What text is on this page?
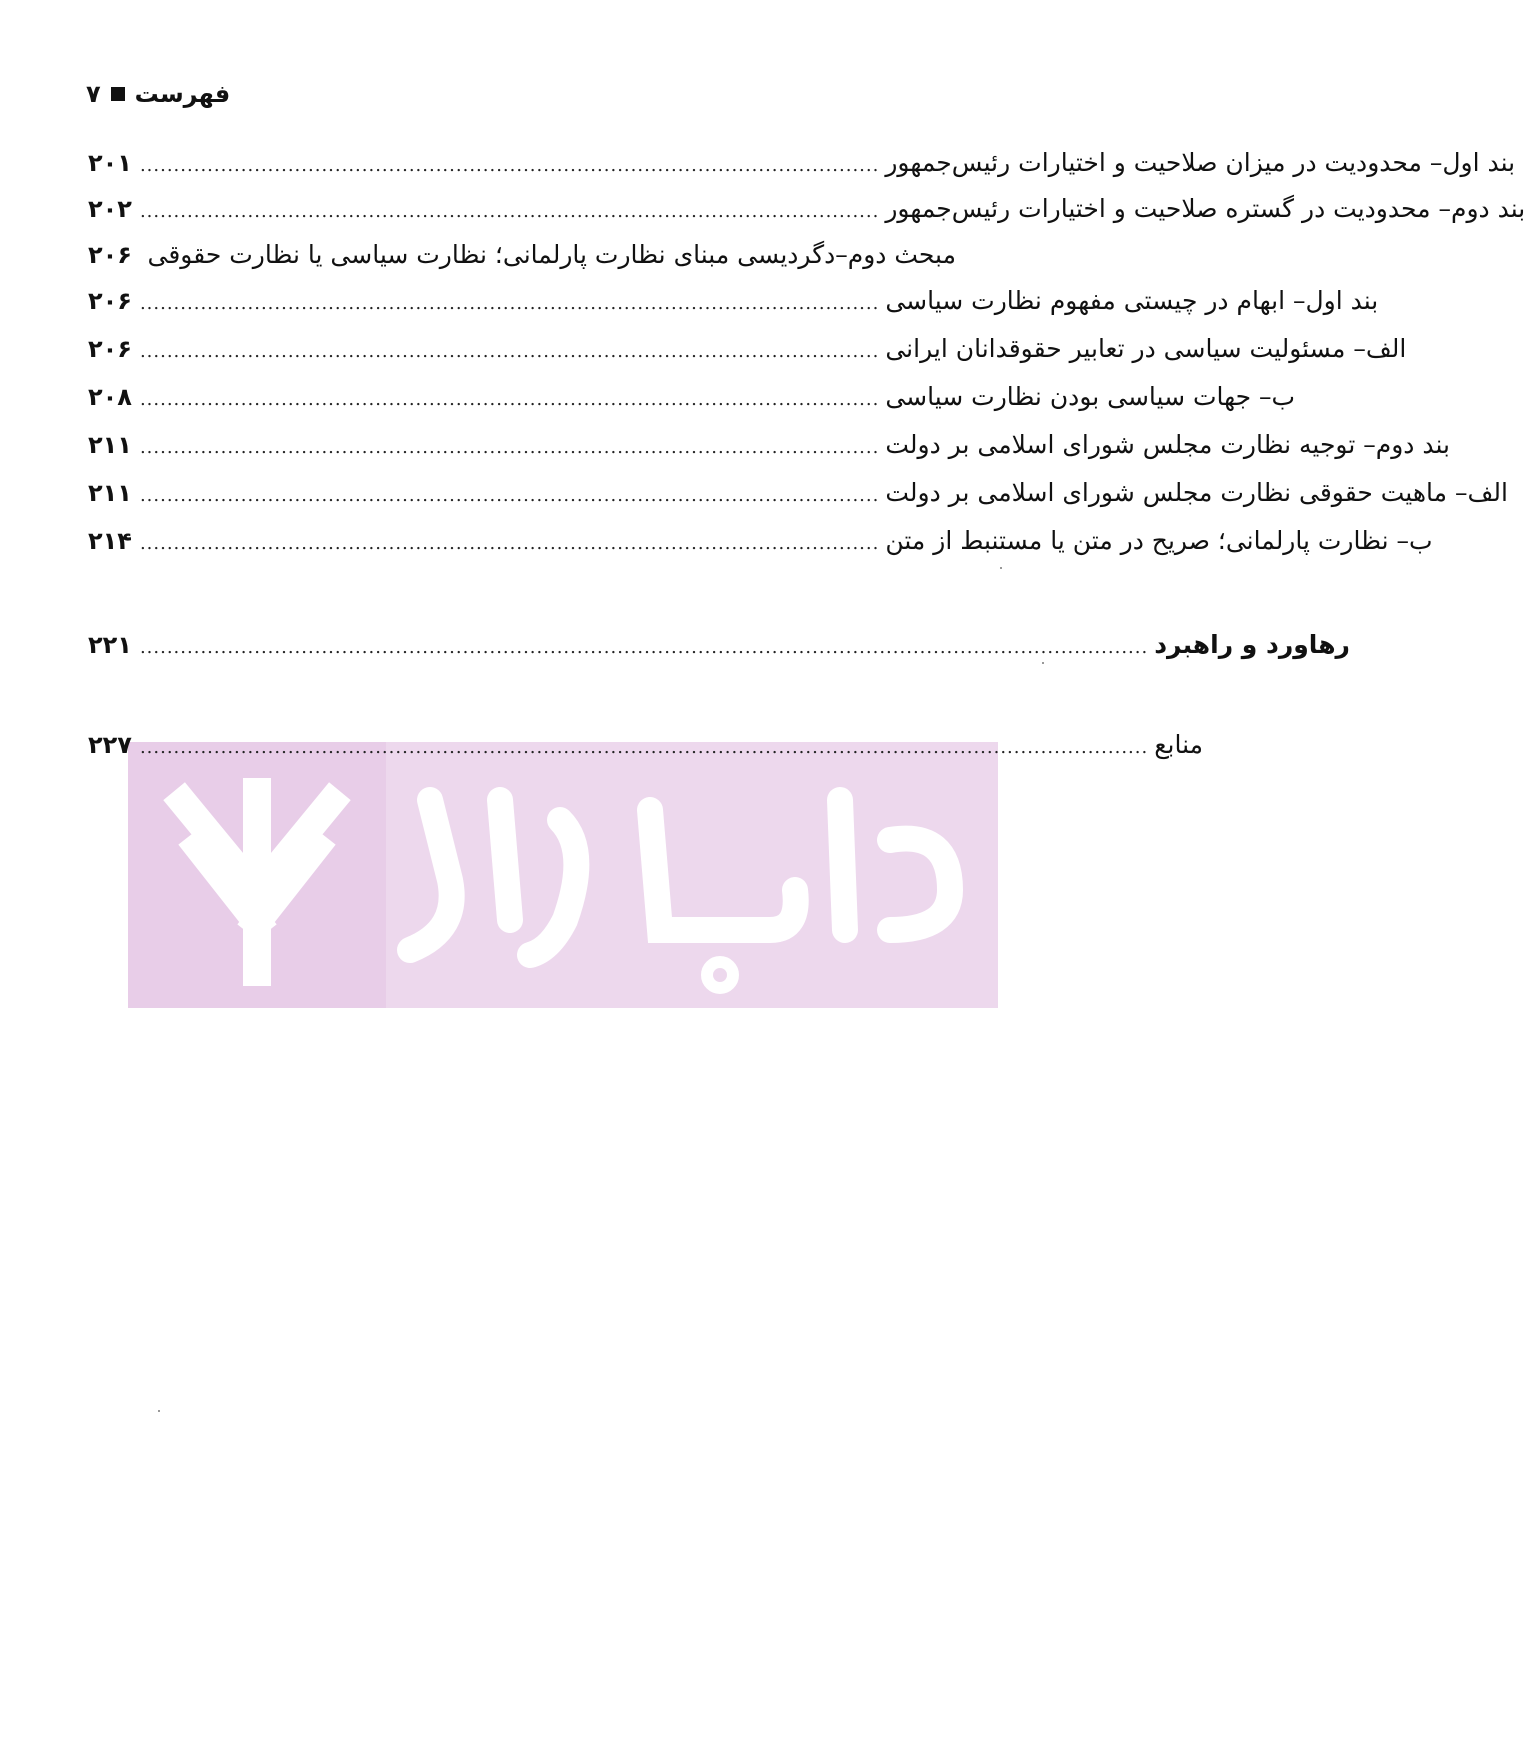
۷ فهرست
۲۰۱ .............................................................................................................. بند اول– محدودیت در میزان صلاحیت و اختیارات رئیس‌جمهور
۲۰۲ .............................................................................................................. بند دوم– محدودیت در گستره صلاحیت و اختیارات رئیس‌جمهور
۲۰۶ مبحث دوم–دگردیسی مبنای نظارت پارلمانی؛ نظارت سیاسی یا نظارت حقوقی
۲۰۶ .............................................................................................................. بند اول– ابهام در چیستی مفهوم نظارت سیاسی
۲۰۶ .............................................................................................................. الف– مسئولیت سیاسی در تعابیر حقوقدانان ایرانی
۲۰۸ .............................................................................................................. ب– جهات سیاسی بودن نظارت سیاسی
۲۱۱ .............................................................................................................. بند دوم– توجیه نظارت مجلس شورای اسلامی بر دولت
۲۱۱ .............................................................................................................. الف– ماهیت حقوقی نظارت مجلس شورای اسلامی بر دولت
۲۱۴ .............................................................................................................. ب– نظارت پارلمانی؛ صریح در متن یا مستنبط از متن
۲۲۱ ...................................................................................................................................................... رهاورد و راهبرد
۲۲۷ ...................................................................................................................................................... منابع
